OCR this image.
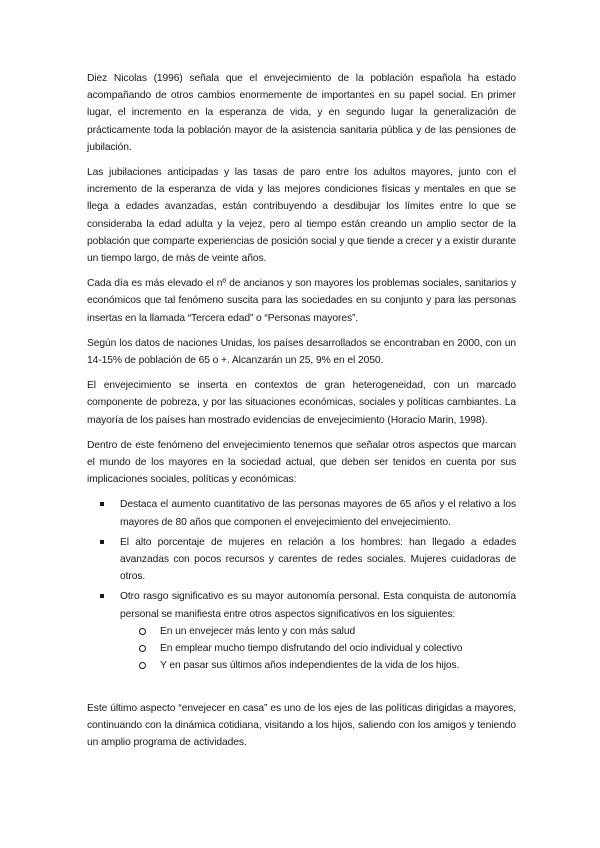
Diez Nicolas (1996) señala que el envejecimiento de la población española ha estado acompañando de otros cambios enormemente de importantes en su papel social. En primer lugar, el incremento en la esperanza de vida, y en segundo lugar la generalización de prácticamente toda la población mayor de la asistencia sanitaria pública y de las pensiones de jubilación.

Las jubilaciones anticipadas y las tasas de paro entre los adultos mayores, junto con el incremento de la esperanza de vida y las mejores condiciones físicas y mentales en que se llega a edades avanzadas, están contribuyendo a desdibujar los límites entre lo que se consideraba la edad adulta y la vejez, pero al tiempo están creando un amplio sector de la población que comparte experiencias de posición social y que tiende a crecer y a existir durante un tiempo largo, de más de veinte años.

Cada día es más elevado el nº de ancianos y son mayores los problemas sociales, sanitarios y económicos que tal fenómeno suscita para las sociedades en su conjunto y para las personas insertas en la llamada “Tercera edad” o “Personas mayores”.

Según los datos de naciones Unidas, los países desarrollados se encontraban en 2000, con un 14-15% de población de 65 o +. Alcanzarán un 25, 9% en el 2050.

El envejecimiento se inserta en contextos de gran heterogeneidad, con un marcado componente de pobreza, y por las situaciones económicas, sociales y políticas cambiantes. La mayoría de los países han mostrado evidencias de envejecimiento (Horacio Marin, 1998).

Dentro de este fenómeno del envejecimiento tenemos que señalar otros aspectos que marcan el mundo de los mayores en la sociedad actual, que deben ser tenidos en cuenta por sus implicaciones sociales, políticas y económicas:

Destaca el aumento cuantitativo de las personas mayores de 65 años y el relativo a los mayores de 80 años que componen el envejecimiento del envejecimiento.
El alto porcentaje de mujeres en relación a los hombres: han llegado a edades avanzadas con pocos recursos y carentes de redes sociales. Mujeres cuidadoras de otros.
Otro rasgo significativo es su mayor autonomía personal. Esta conquista de autonomía personal se manifiesta entre otros aspectos significativos en los siguientes:
En un envejecer más lento y con más salud
En emplear mucho tiempo disfrutando del ocio individual y colectivo
Y en pasar sus últimos años independientes de la vida de los hijos.

Este último aspecto “envejecer en casa” es uno de los ejes de las políticas dirigidas a mayores, continuando con la dinámica cotidiana, visitando a los hijos, saliendo con los amigos y teniendo un amplio programa de actividades.
